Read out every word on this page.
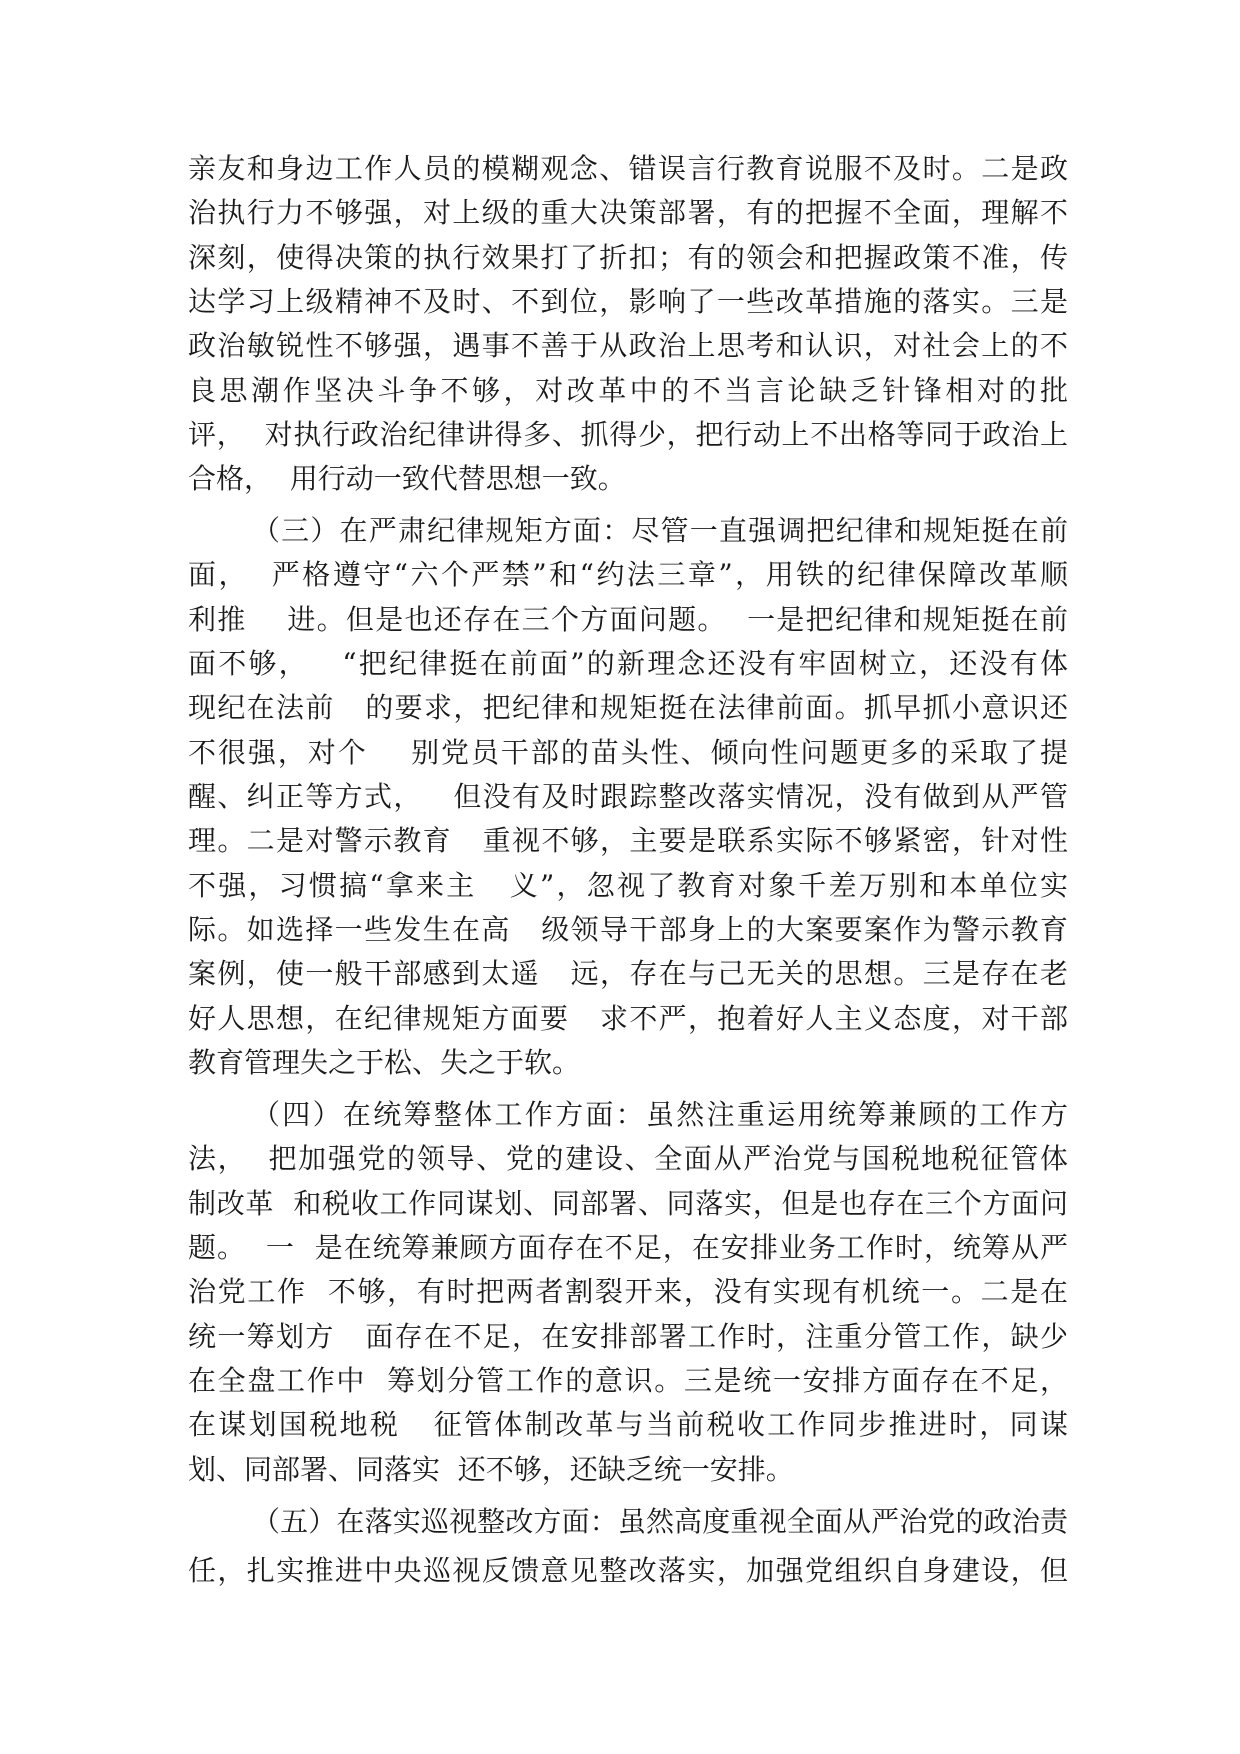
亲友和身边工作人员的模糊观念、错误言行教育说服不及时。二是政

治执行力不够强，对上级的重大决策部署，有的把握不全面，理解不

深刻，使得决策的执行效果打了折扣；有的领会和把握政策不准，传

达学习上级精神不及时、不到位，影响了一些改革措施的落实。三是

政治敏锐性不够强，遇事不善于从政治上思考和认识，对社会上的不

良思潮作坚决斗争不够，对改革中的不当言论缺乏针锋相对的批

评，  对执行政治纪律讲得多、抓得少，把行动上不出格等同于政治上

合格，  用行动一致代替思想一致。

（三）在严肃纪律规矩方面：尽管一直强调把纪律和规矩挺在前

面，  严格遵守“六个严禁”和“约法三章”，用铁的纪律保障改革顺

利推    进。但是也还存在三个方面问题。  一是把纪律和规矩挺在前

面不够，   “把纪律挺在前面”的新理念还没有牢固树立，还没有体

现纪在法前   的要求，把纪律和规矩挺在法律前面。抓早抓小意识还

不很强，对个    别党员干部的苗头性、倾向性问题更多的采取了提

醒、纠正等方式，   但没有及时跟踪整改落实情况，没有做到从严管

理。二是对警示教育   重视不够，主要是联系实际不够紧密，针对性

不强，习惯搞“拿来主   义”，忽视了教育对象千差万别和本单位实

际。如选择一些发生在高   级领导干部身上的大案要案作为警示教育

案例，使一般干部感到太遥   远，存在与己无关的思想。三是存在老

好人思想，在纪律规矩方面要   求不严，抱着好人主义态度，对干部

教育管理失之于松、失之于软。

（四）在统筹整体工作方面：虽然注重运用统筹兼顾的工作方

法，  把加强党的领导、党的建设、全面从严治党与国税地税征管体

制改革  和税收工作同谋划、同部署、同落实，但是也存在三个方面问

题。  一  是在统筹兼顾方面存在不足，在安排业务工作时，统筹从严

治党工作  不够，有时把两者割裂开来，没有实现有机统一。二是在

统一筹划方   面存在不足，在安排部署工作时，注重分管工作，缺少

在全盘工作中  筹划分管工作的意识。三是统一安排方面存在不足，

在谋划国税地税   征管体制改革与当前税收工作同步推进时，同谋

划、同部署、同落实  还不够，还缺乏统一安排。

（五）在落实巡视整改方面：虽然高度重视全面从严治党的政治责

任，扎实推进中央巡视反馈意见整改落实，加强党组织自身建设，但
